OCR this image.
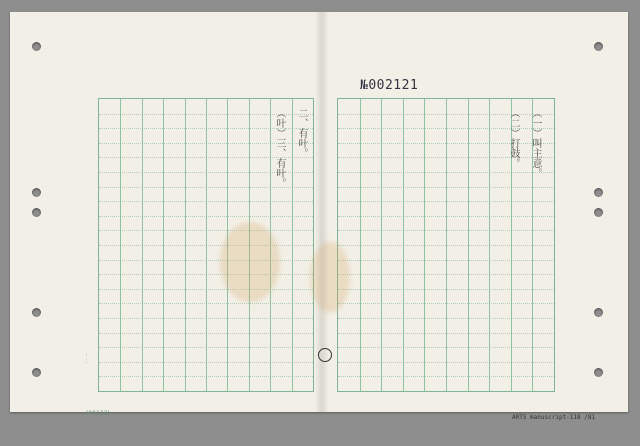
№002121
二、有叶。
（叶）三、有叶。	（一）叫主意。
（二）打鼓。
· · ·
(00123)
ARTS manuscript-118 /81
